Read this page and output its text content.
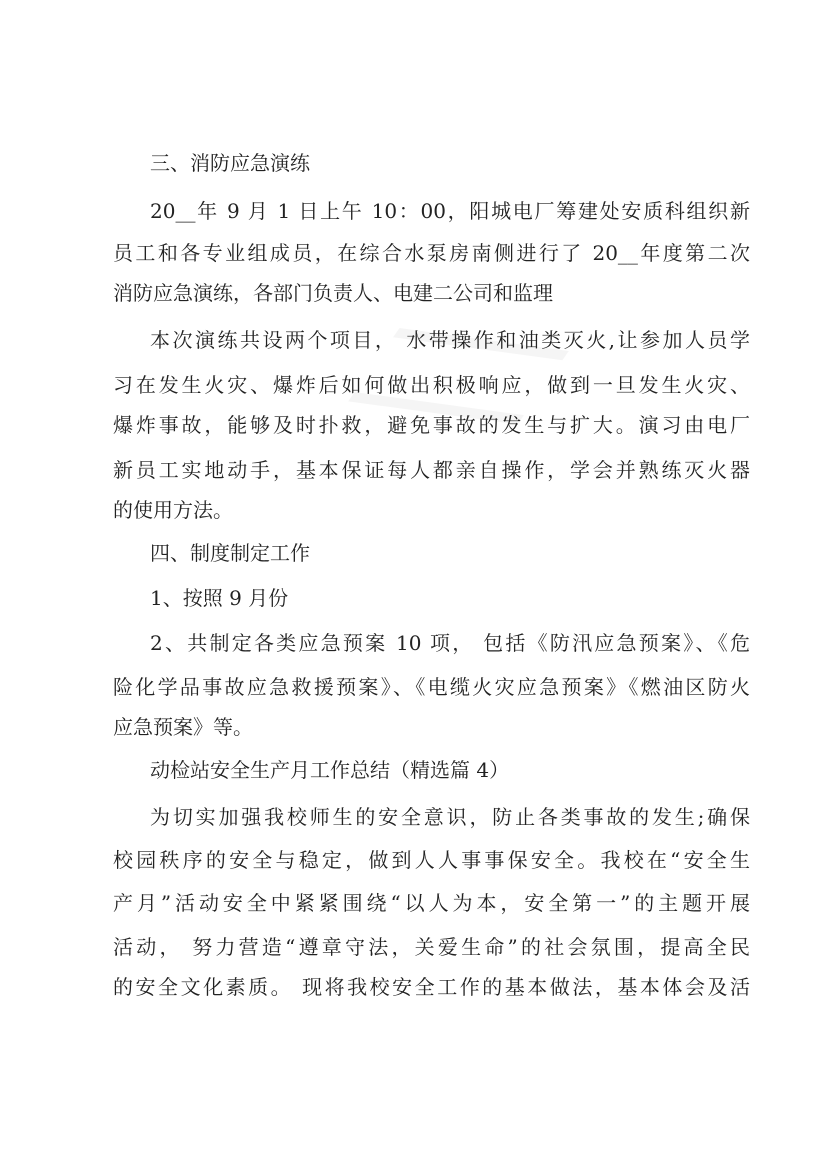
三、消防应急演练
20__年 9 月 1 日上午 10：00，阳城电厂筹建处安质科组织新
员工和各专业组成员，在综合水泵房南侧进行了 20__年度第二次
消防应急演练，各部门负责人、电建二公司和监理
本次演练共设两个项目， 水带操作和油类灭火,让参加人员学
习在发生火灾、爆炸后如何做出积极响应，做到一旦发生火灾、
爆炸事故，能够及时扑救，避免事故的发生与扩大。演习由电厂
新员工实地动手，基本保证每人都亲自操作，学会并熟练灭火器
的使用方法。
四、制度制定工作
1、按照 9 月份
2、共制定各类应急预案 10 项， 包括《防汛应急预案》、《危
险化学品事故应急救援预案》、《电缆火灾应急预案》《燃油区防火
应急预案》等。
动检站安全生产月工作总结（精选篇 4）
为切实加强我校师生的安全意识，防止各类事故的发生;确保
校园秩序的安全与稳定，做到人人事事保安全。我校在“安全生
产月”活动安全中紧紧围绕“以人为本，安全第一”的主题开展
活动， 努力营造“遵章守法，关爱生命”的社会氛围，提高全民
的安全文化素质。 现将我校安全工作的基本做法，基本体会及活
